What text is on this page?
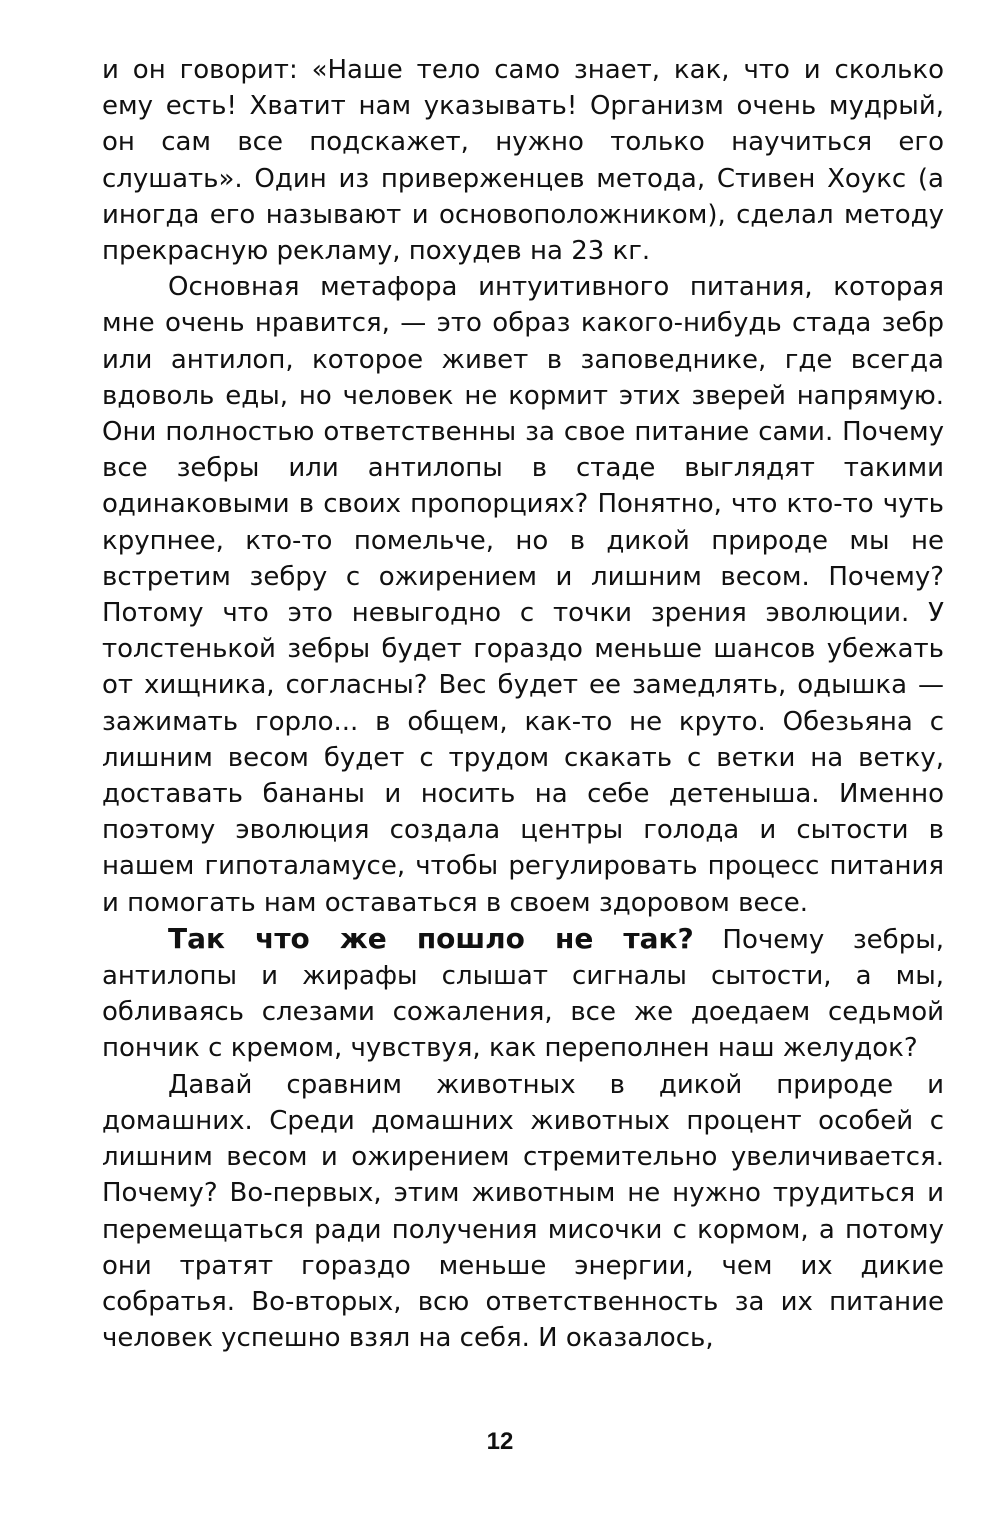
и он говорит: «Наше тело само знает, как, что и сколько ему есть! Хватит нам указывать! Организм очень мудрый, он сам все подскажет, нужно только научиться его слушать». Один из приверженцев метода, Стивен Хоукс (а иногда его называют и основоположником), сделал методу прекрасную рекламу, похудев на 23 кг.

Основная метафора интуитивного питания, которая мне очень нравится, — это образ какого-нибудь стада зебр или антилоп, которое живет в заповеднике, где всегда вдоволь еды, но человек не кормит этих зверей напрямую. Они полностью ответственны за свое питание сами. Почему все зебры или антилопы в стаде выглядят такими одинаковыми в своих пропорциях? Понятно, что кто-то чуть крупнее, кто-то помельче, но в дикой природе мы не встретим зебру с ожирением и лишним весом. Почему? Потому что это невыгодно с точки зрения эволюции. У толстенькой зебры будет гораздо меньше шансов убежать от хищника, согласны? Вес будет ее замедлять, одышка — зажимать горло... в общем, как-то не круто. Обезьяна с лишним весом будет с трудом скакать с ветки на ветку, доставать бананы и носить на себе детеныша. Именно поэтому эволюция создала центры голода и сытости в нашем гипоталамусе, чтобы регулировать процесс питания и помогать нам оставаться в своем здоровом весе.

Так что же пошло не так? Почему зебры, антилопы и жирафы слышат сигналы сытости, а мы, обливаясь слезами сожаления, все же доедаем седьмой пончик с кремом, чувствуя, как переполнен наш желудок?

Давай сравним животных в дикой природе и домашних. Среди домашних животных процент особей с лишним весом и ожирением стремительно увеличивается. Почему? Во-первых, этим животным не нужно трудиться и перемещаться ради получения мисочки с кормом, а потому они тратят гораздо меньше энергии, чем их дикие собратья. Во-вторых, всю ответственность за их питание человек успешно взял на себя. И оказалось,

12
